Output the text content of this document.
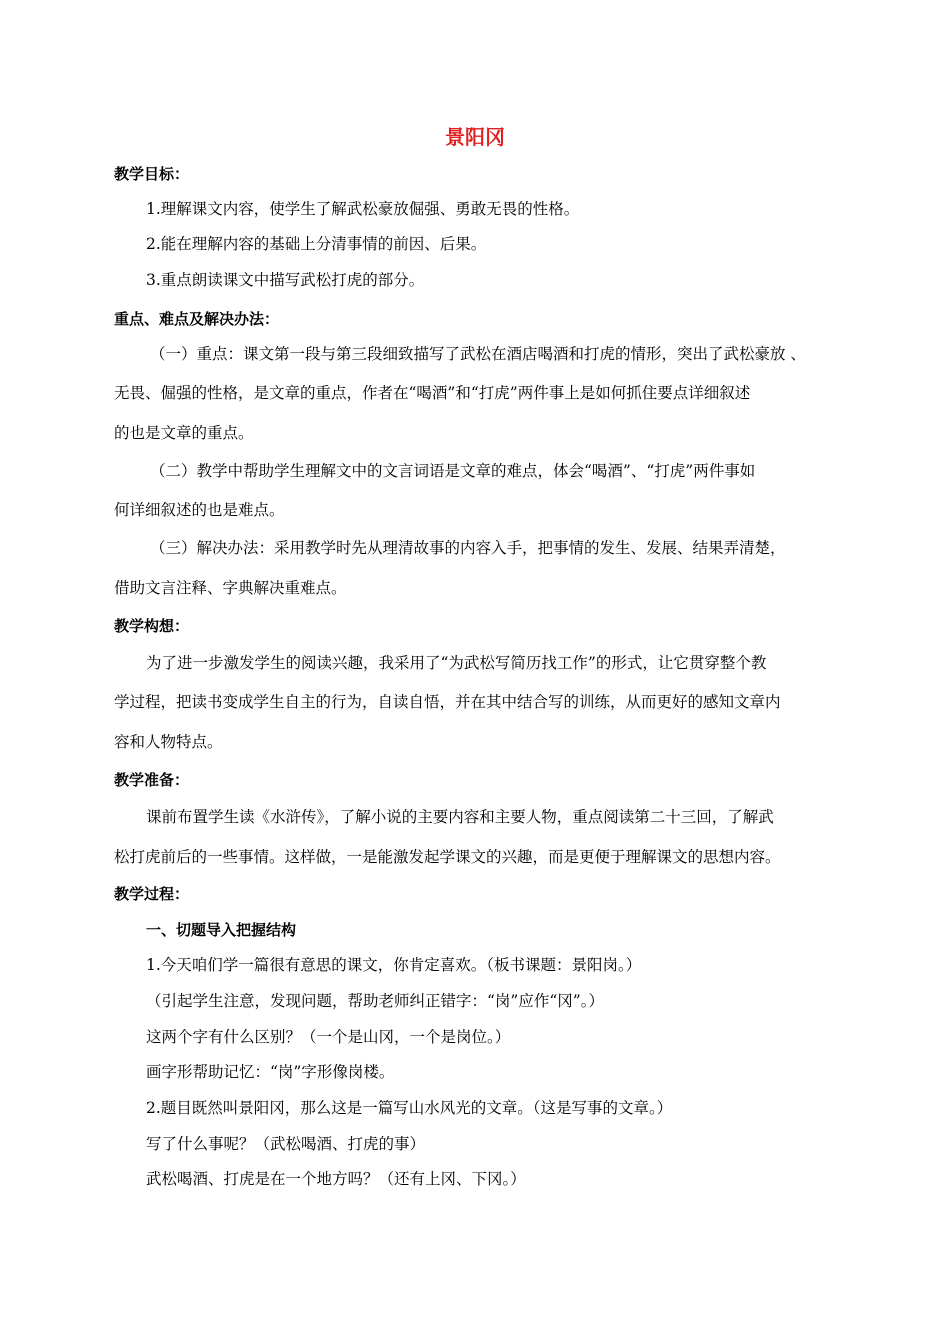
景阳冈
教学目标：
1.理解课文内容，使学生了解武松豪放倔强、勇敢无畏的性格。
2.能在理解内容的基础上分清事情的前因、后果。
3.重点朗读课文中描写武松打虎的部分。
重点、难点及解决办法：
（一）重点：课文第一段与第三段细致描写了武松在酒店喝酒和打虎的情形，突出了武松豪放 、
无畏、倔强的性格，是文章的重点，作者在“喝酒”和“打虎”两件事上是如何抓住要点详细叙述
的也是文章的重点。
（二）教学中帮助学生理解文中的文言词语是文章的难点，体会“喝酒”、“打虎”两件事如
何详细叙述的也是难点。
（三）解决办法：采用教学时先从理清故事的内容入手，把事情的发生、发展、结果弄清楚，
借助文言注释、字典解决重难点。
教学构想：
为了进一步激发学生的阅读兴趣，我采用了“为武松写简历找工作”的形式，让它贯穿整个教
学过程，把读书变成学生自主的行为，自读自悟，并在其中结合写的训练，从而更好的感知文章内
容和人物特点。
教学准备：
课前布置学生读《水浒传》，了解小说的主要内容和主要人物，重点阅读第二十三回，了解武
松打虎前后的一些事情。这样做，一是能激发起学课文的兴趣，而是更便于理解课文的思想内容。
教学过程：
一、切题导入把握结构
1.今天咱们学一篇很有意思的课文，你肯定喜欢。（板书课题：景阳岗。）
（引起学生注意，发现问题，帮助老师纠正错字：“岗”应作“冈”。）
这两个字有什么区别？（一个是山冈，一个是岗位。）
画字形帮助记忆：“岗”字形像岗楼。
2.题目既然叫景阳冈，那么这是一篇写山水风光的文章。（这是写事的文章。）
写了什么事呢？（武松喝酒、打虎的事）
武松喝酒、打虎是在一个地方吗？（还有上冈、下冈。）
